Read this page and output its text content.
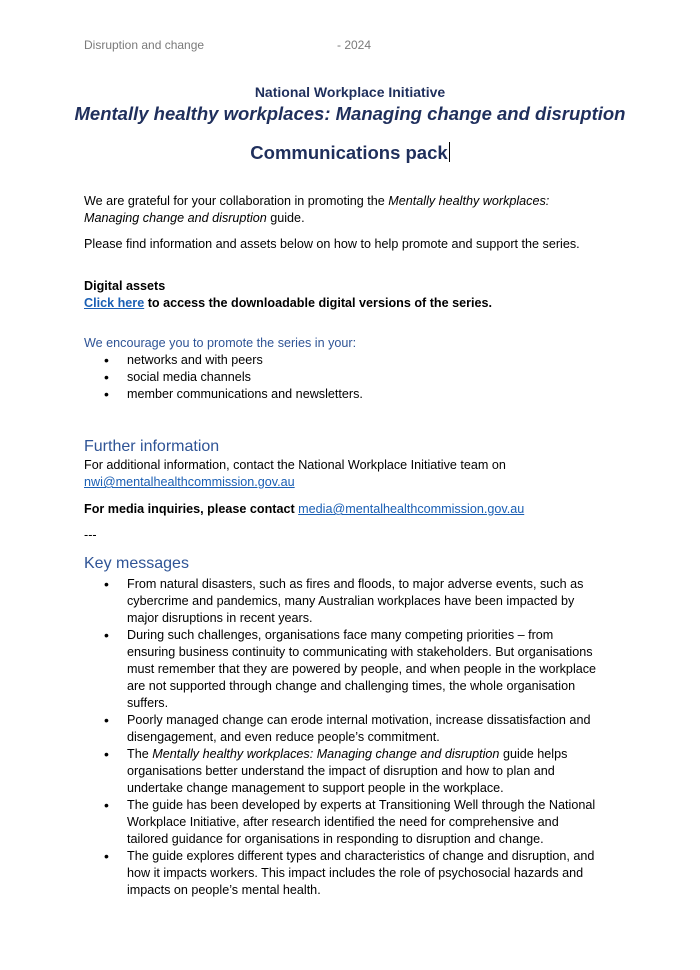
Disruption and change	- 2024
National Workplace Initiative
Mentally healthy workplaces: Managing change and disruption
Communications pack
We are grateful for your collaboration in promoting the Mentally healthy workplaces:
Managing change and disruption guide.
Please find information and assets below on how to help promote and support the series.
Digital assets
Click here to access the downloadable digital versions of the series.
We encourage you to promote the series in your:
• networks and with peers
• social media channels
• member communications and newsletters.
Further information
For additional information, contact the National Workplace Initiative team on
nwi@mentalhealthcommission.gov.au
For media inquiries, please contact media@mentalhealthcommission.gov.au
---
Key messages
• From natural disasters, such as fires and floods, to major adverse events, such as
cybercrime and pandemics, many Australian workplaces have been impacted by
major disruptions in recent years.
• During such challenges, organisations face many competing priorities – from
ensuring business continuity to communicating with stakeholders. But organisations
must remember that they are powered by people, and when people in the workplace
are not supported through change and challenging times, the whole organisation
suffers.
• Poorly managed change can erode internal motivation, increase dissatisfaction and
disengagement, and even reduce people’s commitment.
• The Mentally healthy workplaces: Managing change and disruption guide helps
organisations better understand the impact of disruption and how to plan and
undertake change management to support people in the workplace.
• The guide has been developed by experts at Transitioning Well through the National
Workplace Initiative, after research identified the need for comprehensive and
tailored guidance for organisations in responding to disruption and change.
• The guide explores different types and characteristics of change and disruption, and
how it impacts workers. This impact includes the role of psychosocial hazards and
impacts on people’s mental health.
